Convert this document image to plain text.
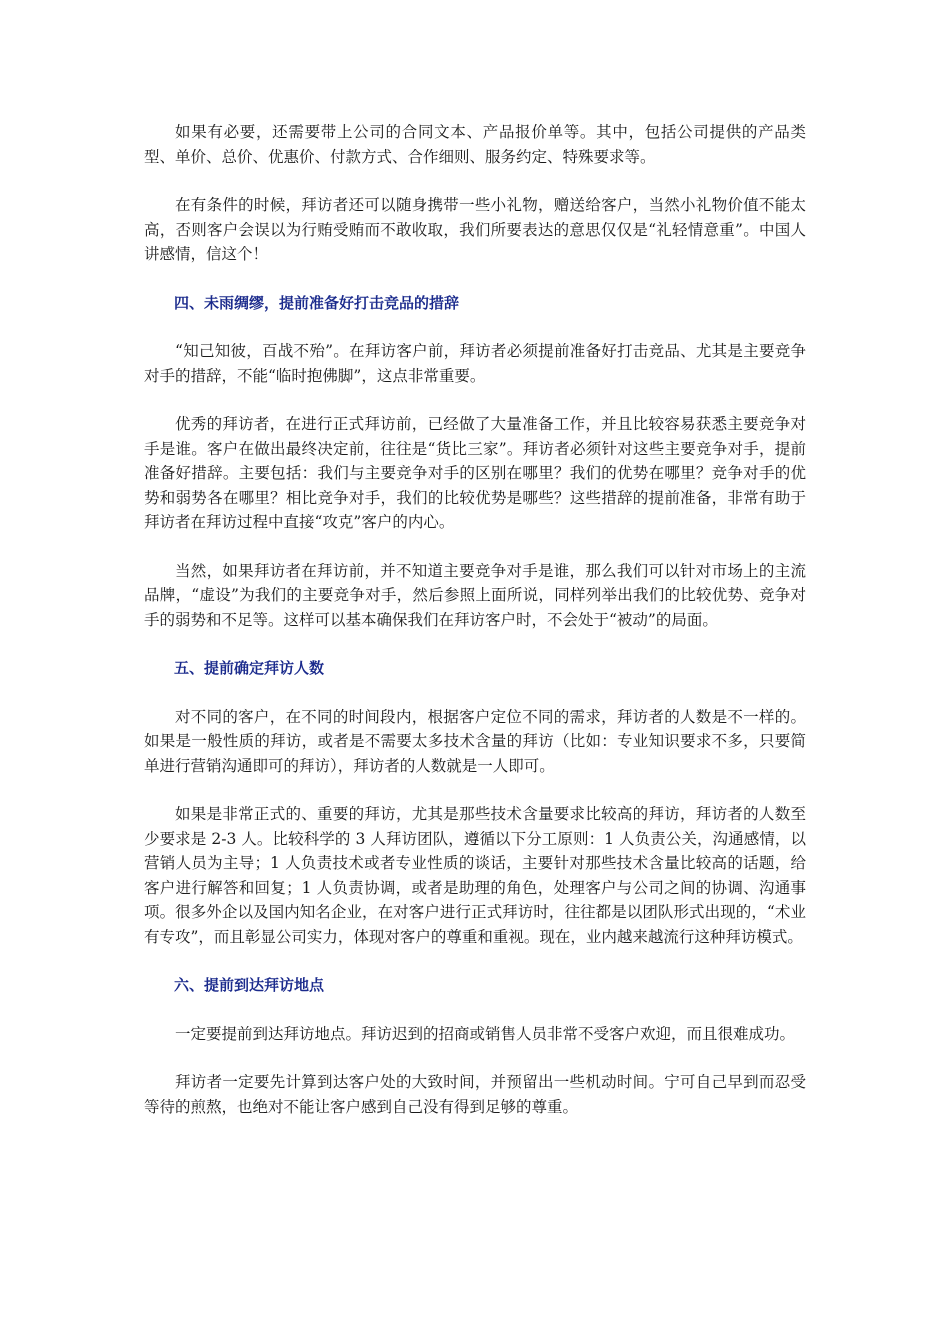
如果有必要，还需要带上公司的合同文本、产品报价单等。其中，包括公司提供的产品类型、单价、总价、优惠价、付款方式、合作细则、服务约定、特殊要求等。

在有条件的时候，拜访者还可以随身携带一些小礼物，赠送给客户，当然小礼物价值不能太高，否则客户会误以为行贿受贿而不敢收取，我们所要表达的意思仅仅是“礼轻情意重”。中国人讲感情，信这个！

四、未雨绸缪，提前准备好打击竞品的措辞

“知己知彼，百战不殆”。在拜访客户前，拜访者必须提前准备好打击竞品、尤其是主要竞争对手的措辞，不能“临时抱佛脚”，这点非常重要。

优秀的拜访者，在进行正式拜访前，已经做了大量准备工作，并且比较容易获悉主要竞争对手是谁。客户在做出最终决定前，往往是“货比三家”。拜访者必须针对这些主要竞争对手，提前准备好措辞。主要包括：我们与主要竞争对手的区别在哪里？我们的优势在哪里？竞争对手的优势和弱势各在哪里？相比竞争对手，我们的比较优势是哪些？这些措辞的提前准备，非常有助于拜访者在拜访过程中直接“攻克”客户的内心。

当然，如果拜访者在拜访前，并不知道主要竞争对手是谁，那么我们可以针对市场上的主流品牌，“虚设”为我们的主要竞争对手，然后参照上面所说，同样列举出我们的比较优势、竞争对手的弱势和不足等。这样可以基本确保我们在拜访客户时，不会处于“被动”的局面。

五、提前确定拜访人数

对不同的客户，在不同的时间段内，根据客户定位不同的需求，拜访者的人数是不一样的。如果是一般性质的拜访，或者是不需要太多技术含量的拜访（比如：专业知识要求不多，只要简单进行营销沟通即可的拜访），拜访者的人数就是一人即可。

如果是非常正式的、重要的拜访，尤其是那些技术含量要求比较高的拜访，拜访者的人数至少要求是 2-3 人。比较科学的 3 人拜访团队，遵循以下分工原则：1 人负责公关，沟通感情，以营销人员为主导；1 人负责技术或者专业性质的谈话，主要针对那些技术含量比较高的话题，给客户进行解答和回复；1 人负责协调，或者是助理的角色，处理客户与公司之间的协调、沟通事项。很多外企以及国内知名企业，在对客户进行正式拜访时，往往都是以团队形式出现的，“术业有专攻”，而且彰显公司实力，体现对客户的尊重和重视。现在，业内越来越流行这种拜访模式。

六、提前到达拜访地点

一定要提前到达拜访地点。拜访迟到的招商或销售人员非常不受客户欢迎，而且很难成功。

拜访者一定要先计算到达客户处的大致时间，并预留出一些机动时间。宁可自己早到而忍受等待的煎熬，也绝对不能让客户感到自己没有得到足够的尊重。
